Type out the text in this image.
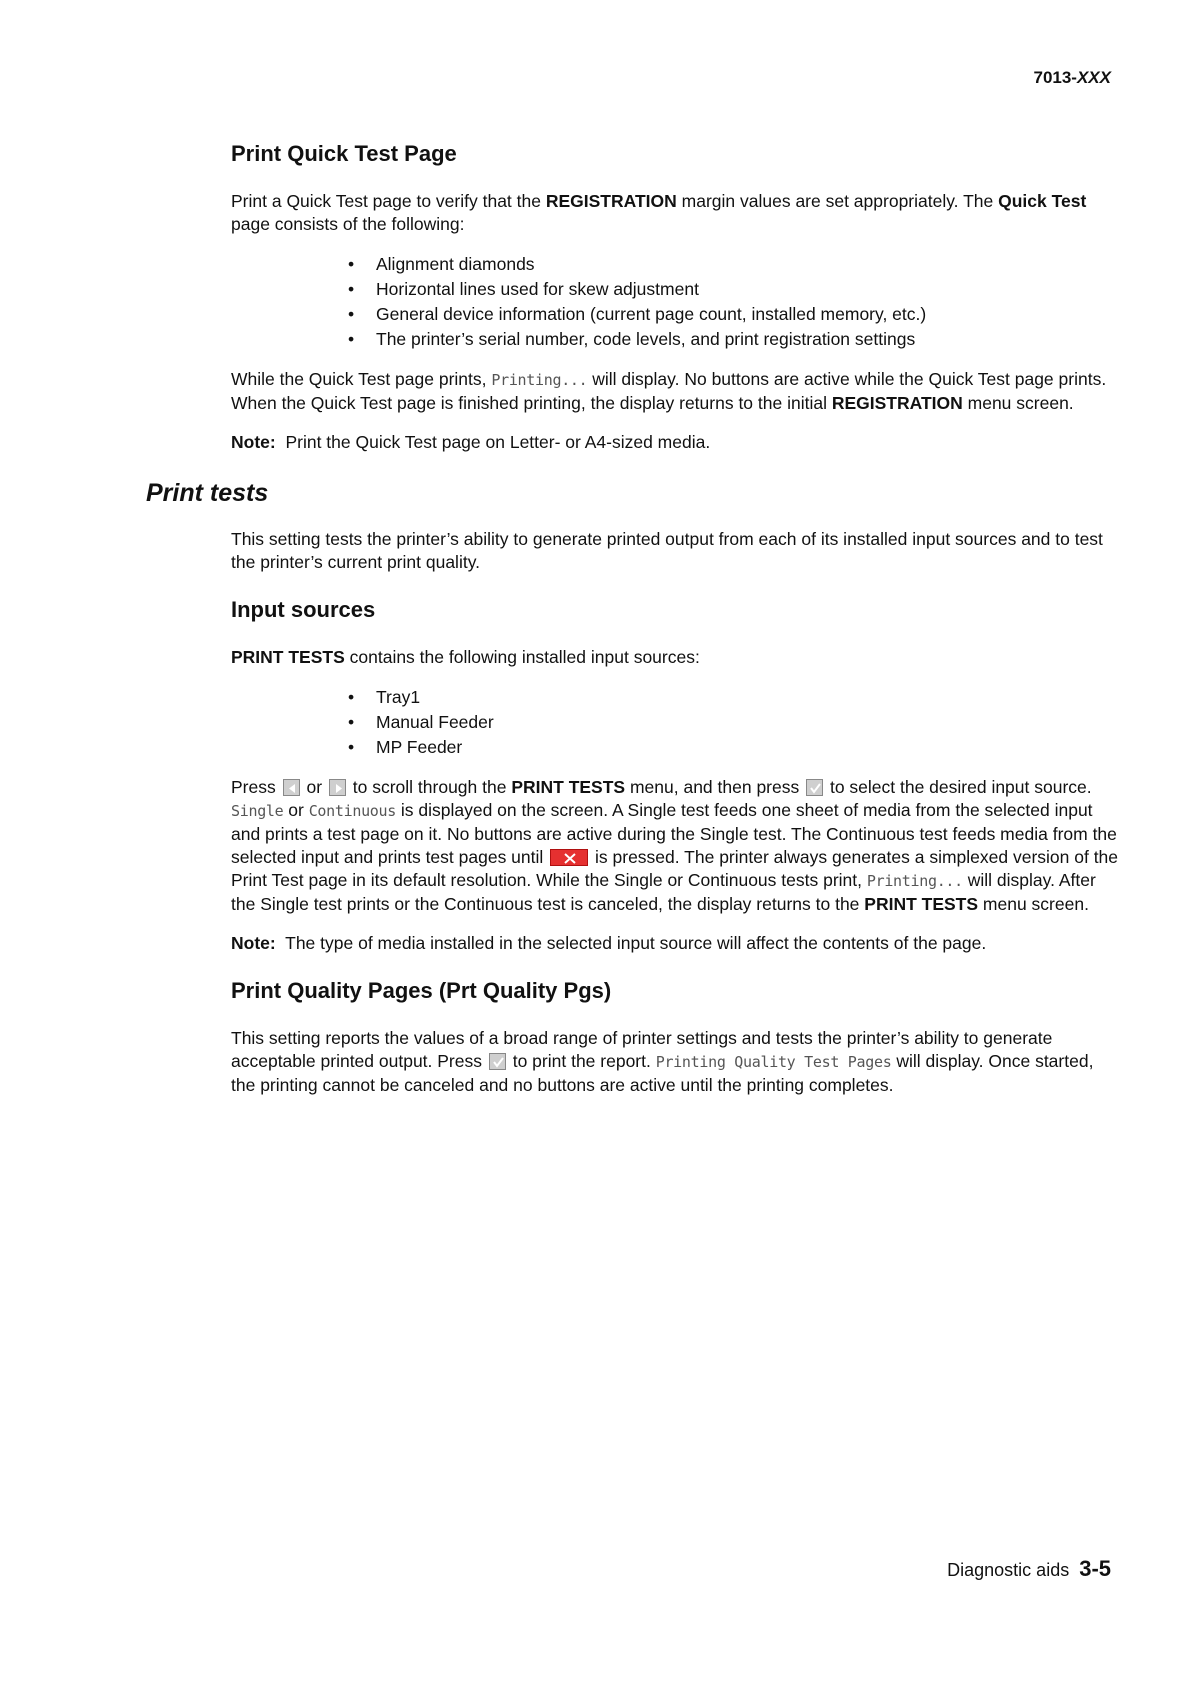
7013-XXX
Print Quick Test Page

Print a Quick Test page to verify that the REGISTRATION margin values are set appropriately. The Quick Test page consists of the following:

• Alignment diamonds
• Horizontal lines used for skew adjustment
• General device information (current page count, installed memory, etc.)
• The printer’s serial number, code levels, and print registration settings

While the Quick Test page prints, Printing... will display. No buttons are active while the Quick Test page prints. When the Quick Test page is finished printing, the display returns to the initial REGISTRATION menu screen.

Note:  Print the Quick Test page on Letter- or A4-sized media.

Print tests

This setting tests the printer’s ability to generate printed output from each of its installed input sources and to test the printer’s current print quality.

Input sources

PRINT TESTS contains the following installed input sources:

• Tray1
• Manual Feeder
• MP Feeder

Press
or
to scroll through the PRINT TESTS menu, and then press
to select the desired input source. Single or Continuous is displayed on the screen. A Single test feeds one sheet of media from the selected input and prints a test page on it. No buttons are active during the Single test. The Continuous test feeds media from the selected input and prints test pages until
is pressed. The printer always generates a simplexed version of the Print Test page in its default resolution. While the Single or Continuous tests print, Printing... will display. After the Single test prints or the Continuous test is canceled, the display returns to the PRINT TESTS menu screen.

Note:  The type of media installed in the selected input source will affect the contents of the page.

Print Quality Pages (Prt Quality Pgs)

This setting reports the values of a broad range of printer settings and tests the printer’s ability to generate acceptable printed output. Press
to print the report. Printing Quality Test Pages will display. Once started, the printing cannot be canceled and no buttons are active until the printing completes.

Diagnostic aids 3-5
